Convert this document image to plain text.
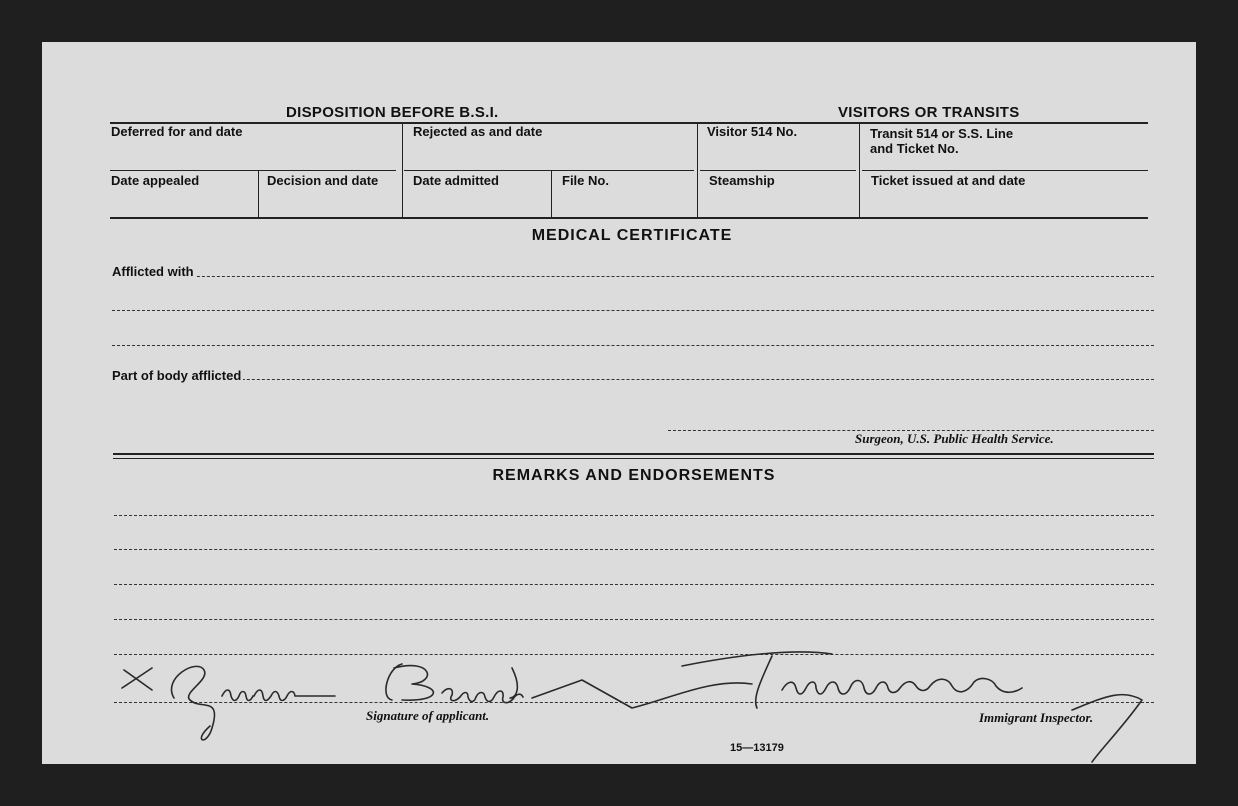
DISPOSITION BEFORE B.S.I.	VISITORS OR TRANSITS
Deferred for and date	Rejected as and date	Visitor 514 No.	Transit 514 or S.S. Line
and Ticket No.
Date appealed	Decision and date	Date admitted	File No.	Steamship	Ticket issued at and date
MEDICAL CERTIFICATE
Afflicted with
Part of body afflicted
Surgeon, U.S. Public Health Service.
REMARKS AND ENDORSEMENTS
Signature of applicant.	Immigrant Inspector.
15—13179
